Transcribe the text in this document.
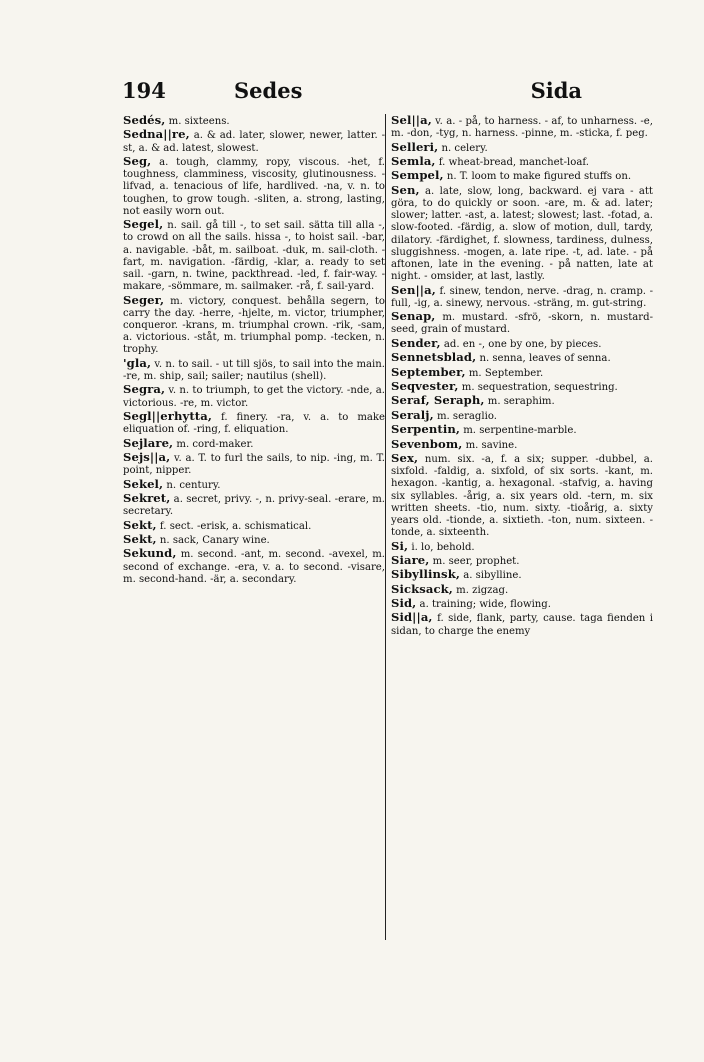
194	Sedes	Sida
Sedés, m. sixteens.
Sedna||re, a. & ad. later, slower, newer, latter. -st, a. & ad. latest, slowest.
Seg, a. tough, clammy, ropy, viscous. -het, f. toughness, clamminess, viscosity, glutinousness. -lifvad, a. tenacious of life, hardlived. -na, v. n. to toughen, to grow tough. -sliten, a. strong, lasting, not easily worn out.
Segel, n. sail. gå till -, to set sail. sätta till alla -, to crowd on all the sails. hissa -, to hoist sail. -bar, a. navigable. -båt, m. sailboat. -duk, m. sail-cloth. -fart, m. navigation. -färdig, -klar, a. ready to set sail. -garn, n. twine, packthread. -led, f. fair-way. -makare, -sömmare, m. sailmaker. -rå, f. sail-yard.
Seger, m. victory, conquest. behålla segern, to carry the day. -herre, -hjelte, m. victor, triumpher, conqueror. -krans, m. triumphal crown. -rik, -sam, a. victorious. -ståt, m. triumphal pomp. -tecken, n. trophy.
'gla, v. n. to sail. - ut till sjös, to sail into the main. -re, m. ship, sail; sailer; nautilus (shell).
Segra, v. n. to triumph, to get the victory. -nde, a. victorious. -re, m. victor.
Segl||erhytta, f. finery. -ra, v. a. to make eliquation of. -ring, f. eliquation.
Sejlare, m. cord-maker.
Sejs||a, v. a. T. to furl the sails, to nip. -ing, m. T. point, nipper.
Sekel, n. century.
Sekret, a. secret, privy. -, n. privy-seal. -erare, m. secretary.
Sekt, f. sect. -erisk, a. schismatical.
Sekt, n. sack, Canary wine.
Sekund, m. second. -ant, m. second. -avexel, m. second of exchange. -era, v. a. to second. -visare, m. second-hand. -är, a. secondary.
Sel||a, v. a. - på, to harness. - af, to unharness. -e, m. -don, -tyg, n. harness. -pinne, m. -sticka, f. peg.
Selleri, n. celery.
Semla, f. wheat-bread, manchet-loaf.
Sempel, n. T. loom to make figured stuffs on.
Sen, a. late, slow, long, backward. ej vara - att göra, to do quickly or soon. -are, m. & ad. later; slower; latter. -ast, a. latest; slowest; last. -fotad, a. slow-footed. -färdig, a. slow of motion, dull, tardy, dilatory. -färdighet, f. slowness, tardiness, dulness, sluggishness. -mogen, a. late ripe. -t, ad. late. - på aftonen, late in the evening. - på natten, late at night. - omsider, at last, lastly.
Sen||a, f. sinew, tendon, nerve. -drag, n. cramp. -full, -ig, a. sinewy, nervous. -sträng, m. gut-string.
Senap, m. mustard. -sfrö, -skorn, n. mustard-seed, grain of mustard.
Sender, ad. en -, one by one, by pieces.
Sennetsblad, n. senna, leaves of senna.
September, m. September.
Seqvester, m. sequestration, sequestring.
Seraf, Seraph, m. seraphim.
Seralj, m. seraglio.
Serpentin, m. serpentine-marble.
Sevenbom, m. savine.
Sex, num. six. -a, f. a six; supper. -dubbel, a. sixfold. -faldig, a. sixfold, of six sorts. -kant, m. hexagon. -kantig, a. hexagonal. -stafvig, a. having six syllables. -årig, a. six years old. -tern, m. six written sheets. -tio, num. sixty. -tioårig, a. sixty years old. -tionde, a. sixtieth. -ton, num. sixteen. -tonde, a. sixteenth.
Si, i. lo, behold.
Siare, m. seer, prophet.
Sibyllinsk, a. sibylline.
Sicksack, m. zigzag.
Sid, a. training; wide, flowing.
Sid||a, f. side, flank, party, cause. taga fienden i sidan, to charge the enemy
